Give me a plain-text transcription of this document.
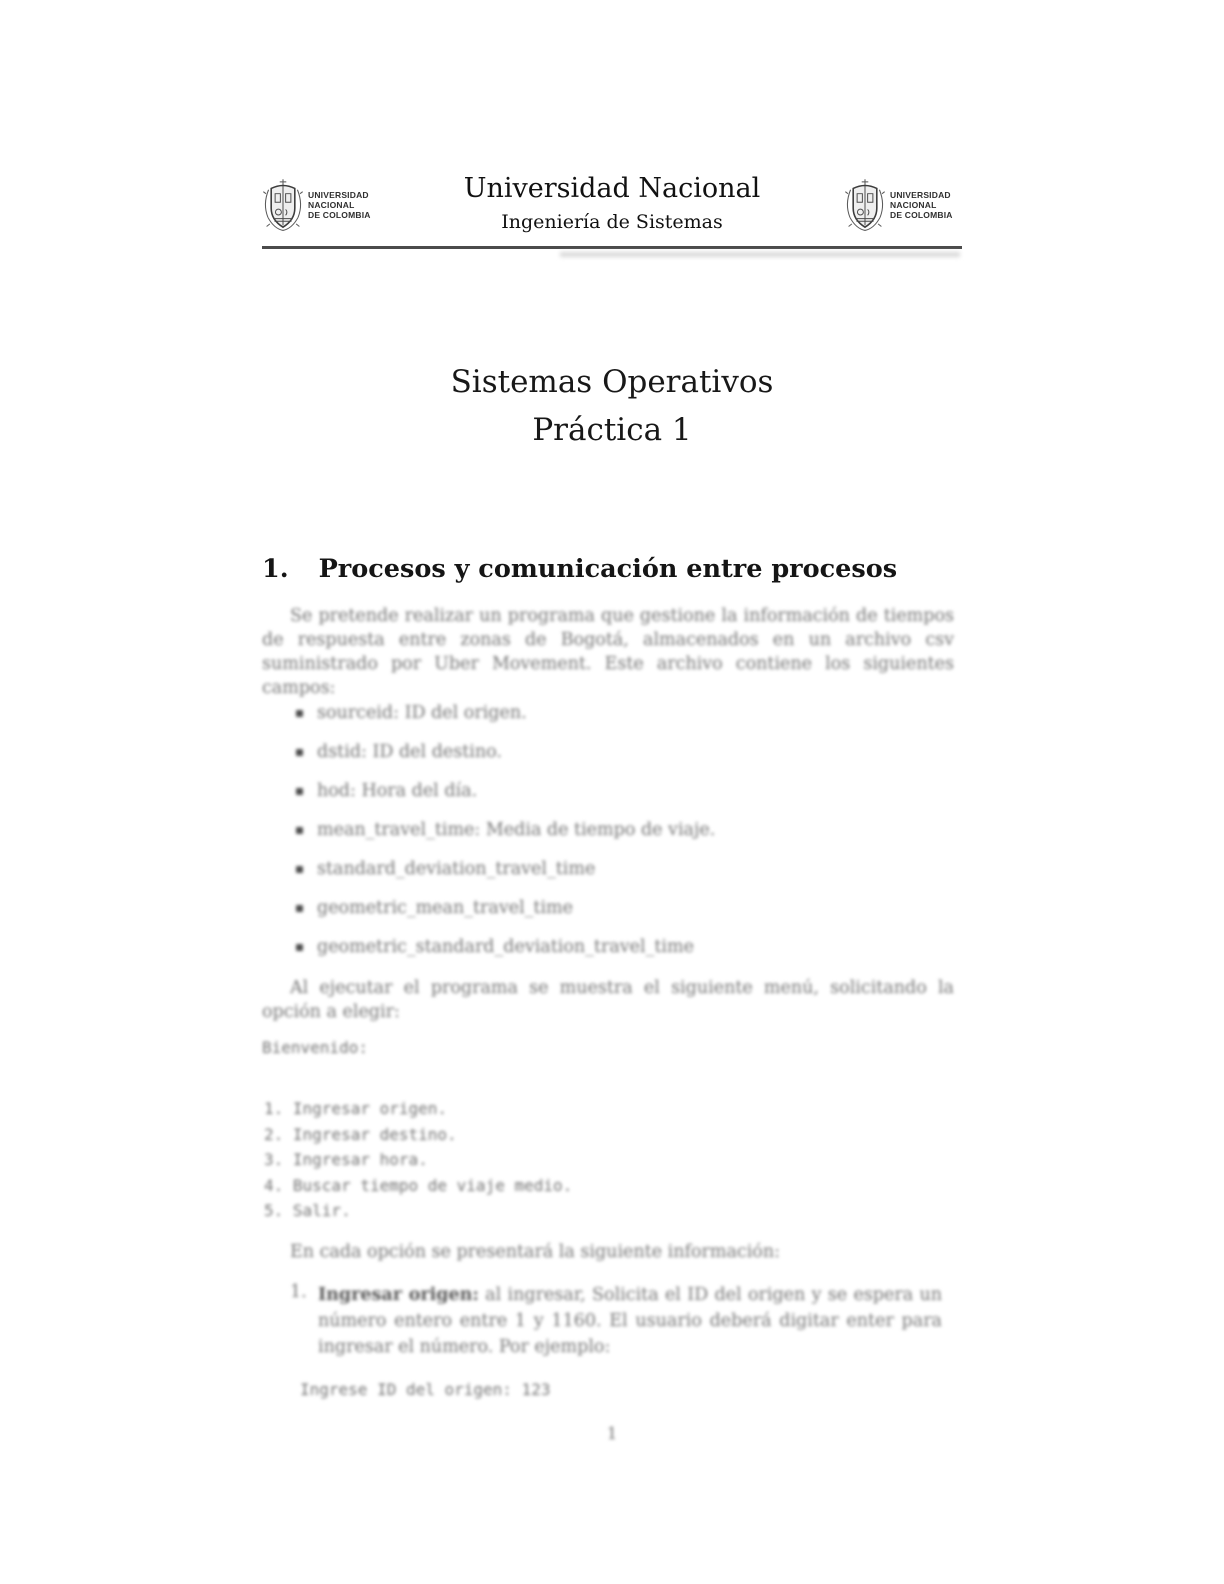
UNIVERSIDAD
NACIONAL
DE COLOMBIA
Universidad Nacional
Ingeniería de Sistemas
UNIVERSIDAD
NACIONAL
DE COLOMBIA
Sistemas Operativos
Práctica 1
1. Procesos y comunicación entre procesos

Se pretende realizar un programa que gestione la información de tiempos de respuesta entre zonas de Bogotá, almacenados en un archivo csv suministrado por Uber Movement. Este archivo contiene los siguientes campos:

sourceid: ID del origen.
dstid: ID del destino.
hod: Hora del día.
mean_travel_time: Media de tiempo de viaje.
standard_deviation_travel_time
geometric_mean_travel_time
geometric_standard_deviation_travel_time

Al ejecutar el programa se muestra el siguiente menú, solicitando la opción a elegir:

Bienvenido:
1. Ingresar origen.
2. Ingresar destino.
3. Ingresar hora.
4. Buscar tiempo de viaje medio.
5. Salir.

En cada opción se presentará la siguiente información:

1. Ingresar origen: al ingresar, Solicita el ID del origen y se espera un número entero entre 1 y 1160. El usuario deberá digitar enter para ingresar el número. Por ejemplo:

Ingrese ID del origen: 123
1
